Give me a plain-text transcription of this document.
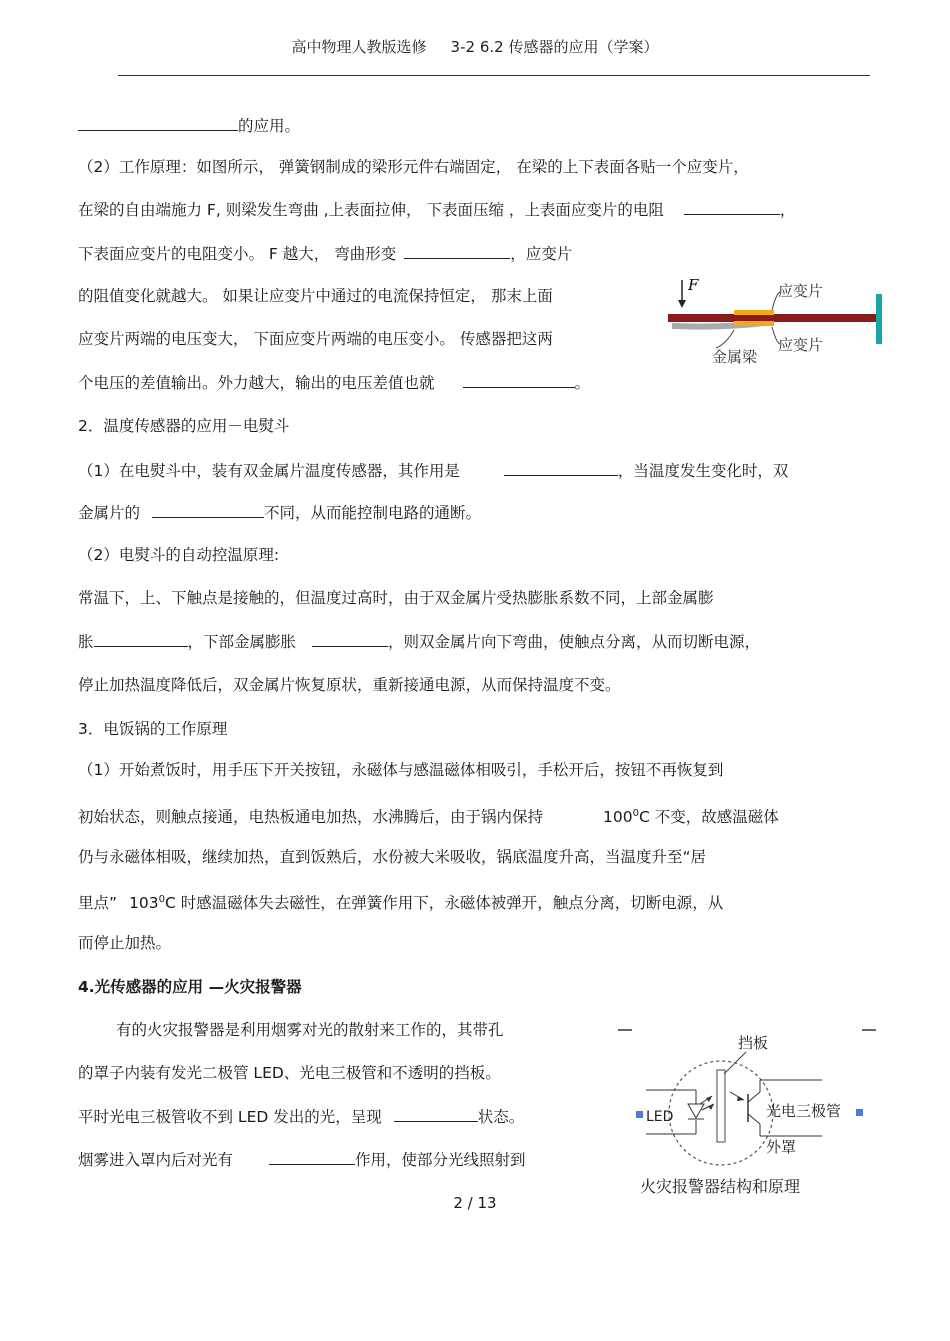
高中物理人教版选修 3-2 6.2 传感器的应用（学案）
的应用。
（2）工作原理：如图所示， 弹簧钢制成的梁形元件右端固定， 在梁的上下表面各贴一个应变片，
在梁的自由端施力 F, 则梁发生弯曲 ,上表面拉伸， 下表面压缩 ，上表面应变片的电阻	，
下表面应变片的电阻变小。 F 越大， 弯曲形变	，应变片
的阻值变化就越大。 如果让应变片中通过的电流保持恒定， 那末上面
应变片两端的电压变大， 下面应变片两端的电压变小。 传感器把这两
个电压的差值输出。外力越大，输出的电压差值也就	。
F	应变片
应变片
金属梁
2．温度传感器的应用－电熨斗
（1）在电熨斗中，装有双金属片温度传感器，其作用是	，当温度发生变化时，双
金属片的	不同，从而能控制电路的通断。
（2）电熨斗的自动控温原理:
常温下，上、下触点是接触的，但温度过高时，由于双金属片受热膨胀系数不同，上部金属膨
胀	，下部金属膨胀	，则双金属片向下弯曲，使触点分离，从而切断电源，
停止加热温度降低后，双金属片恢复原状，重新接通电源，从而保持温度不变。
3．电饭锅的工作原理
（1）开始煮饭时，用手压下开关按钮，永磁体与感温磁体相吸引，手松开后，按钮不再恢复到
初始状态，则触点接通，电热板通电加热，水沸腾后，由于锅内保持	$100^0C$ 不变，故感温磁体
仍与永磁体相吸，继续加热，直到饭熟后，水份被大米吸收，锅底温度升高，当温度升至“居
里点” $103^0C$ 时感温磁体失去磁性，在弹簧作用下，永磁体被弹开，触点分离，切断电源，从
而停止加热。
4.光传感器的应用 —火灾报警器
有的火灾报警器是利用烟雾对光的散射来工作的，其带孔
的罩子内装有发光二极管 LED、光电三极管和不透明的挡板。
平时光电三极管收不到 LED 发出的光，呈现	状态。
烟雾进入罩内后对光有	作用，使部分光线照射到
挡板
LED	光电三极管
外罩
火灾报警器结构和原理
2 / 13
